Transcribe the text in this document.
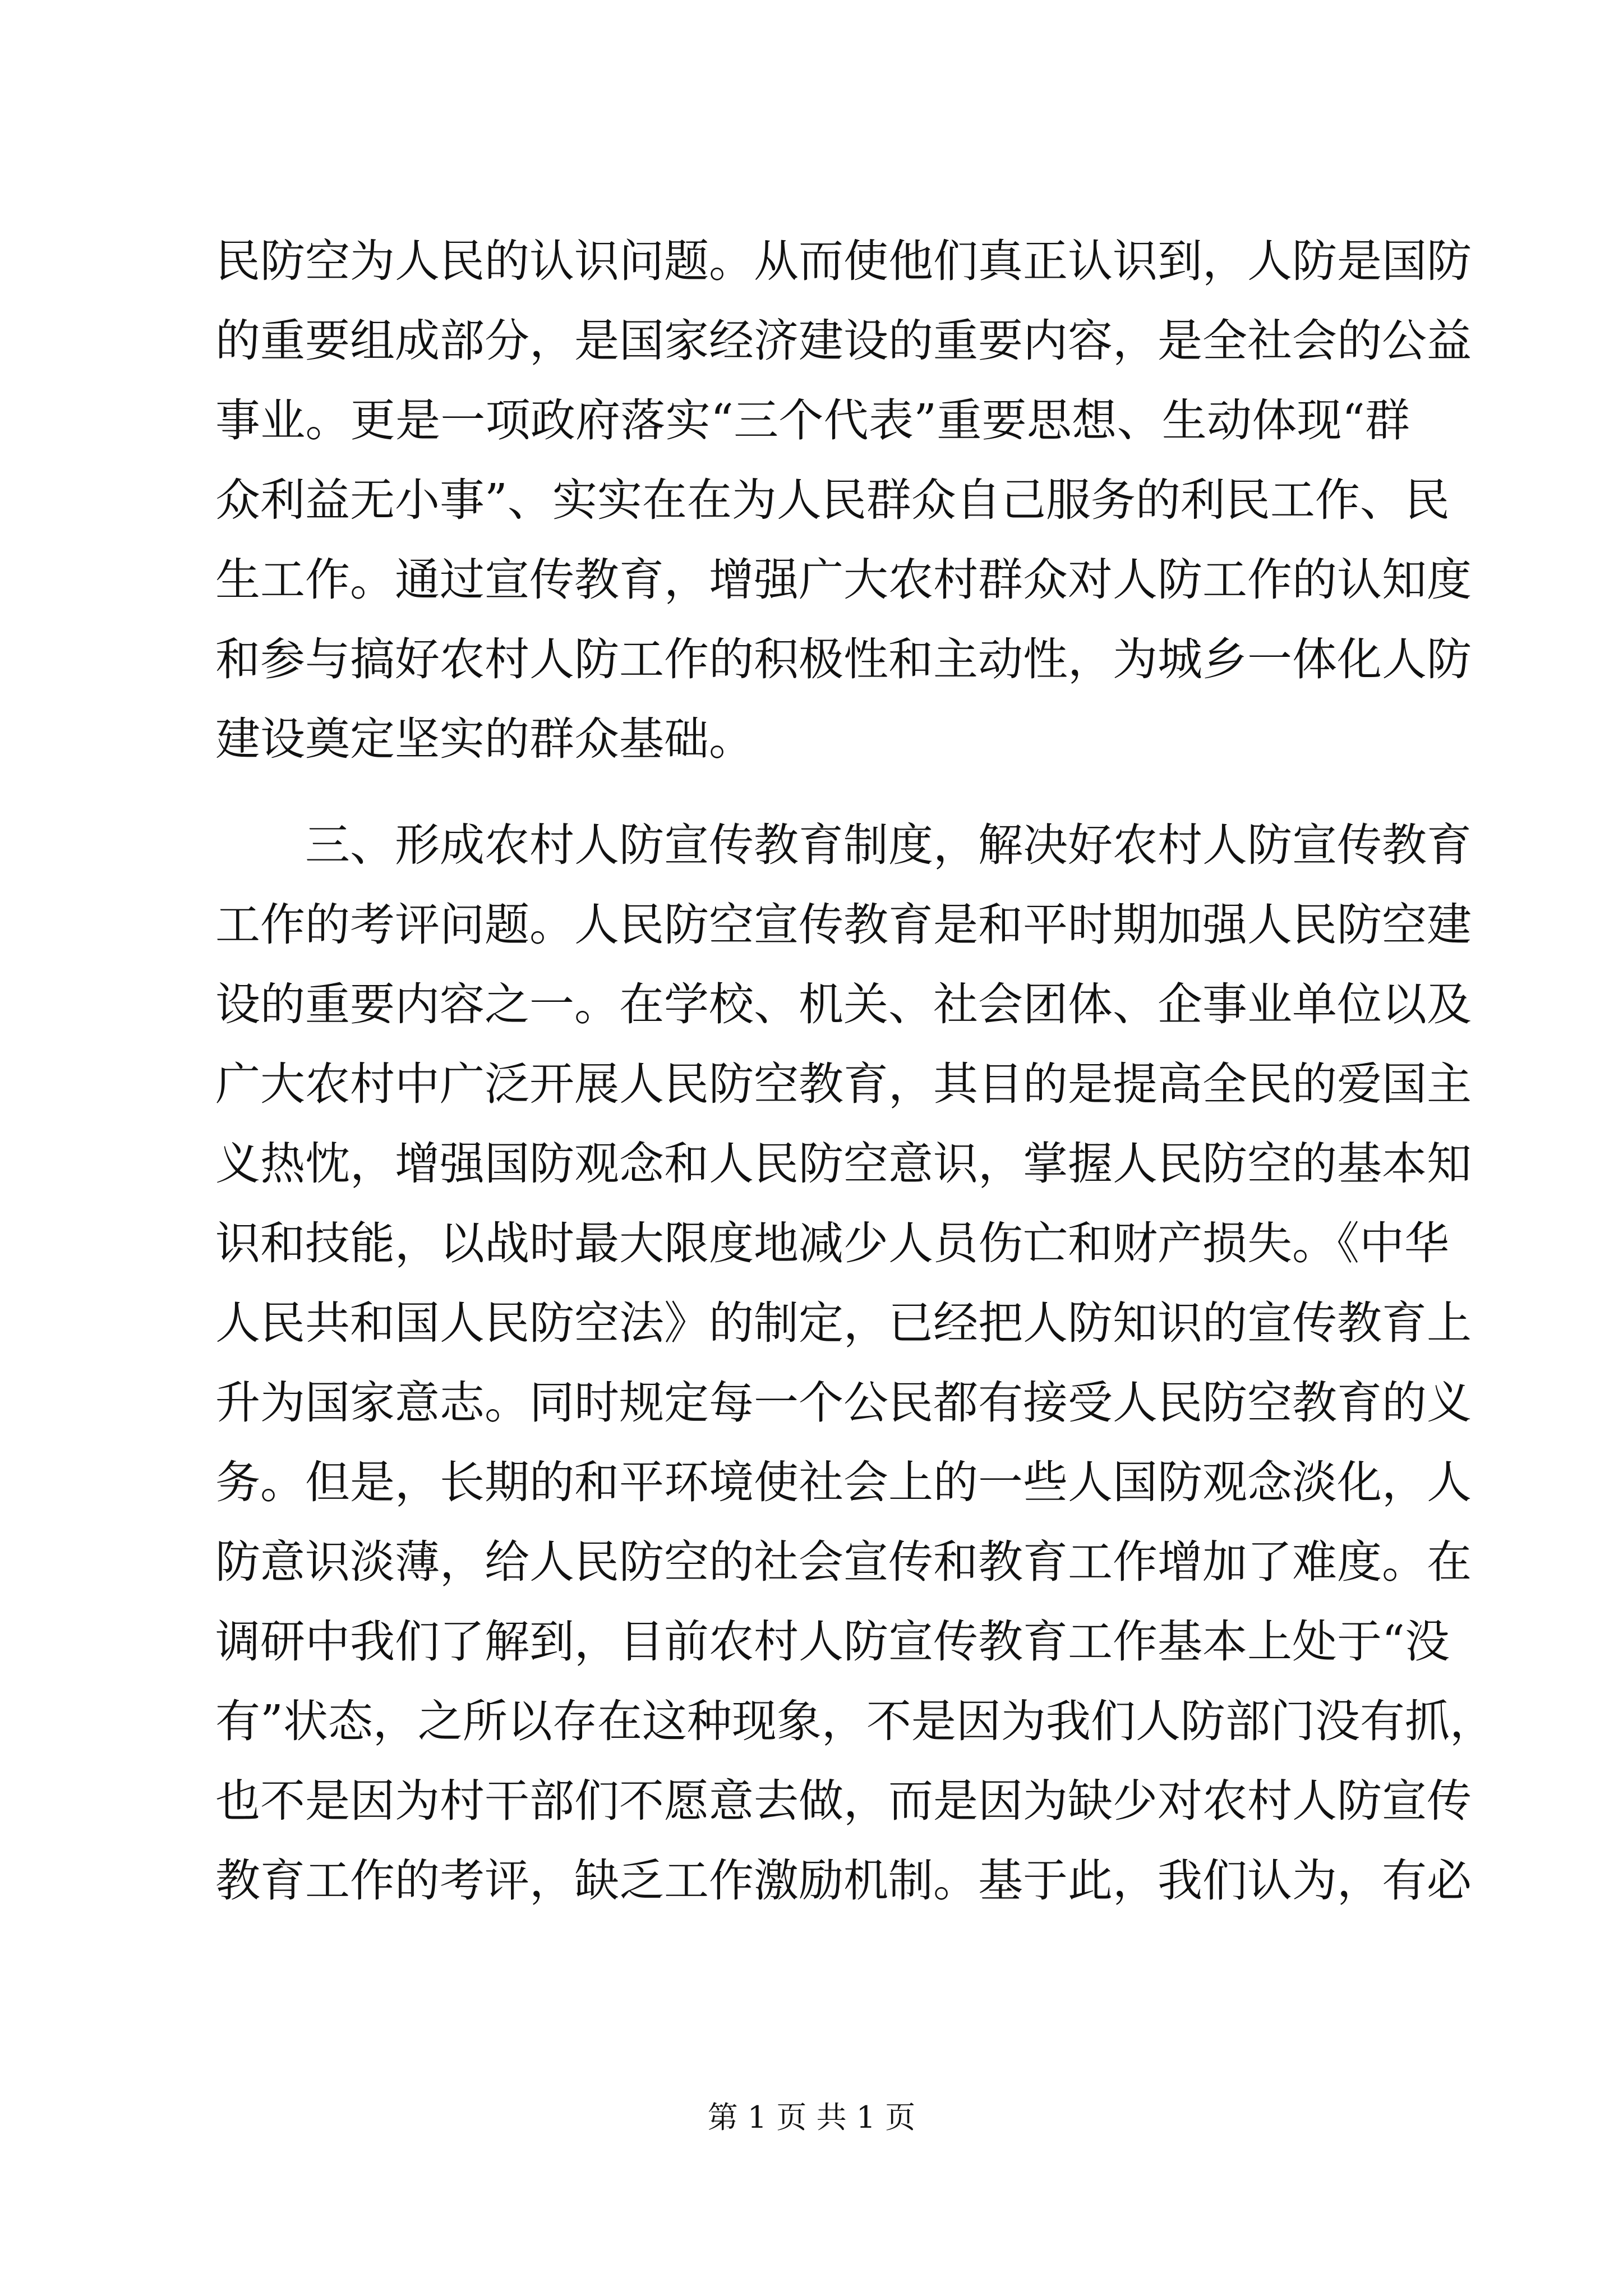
民防空为人民的认识问题。从而使他们真正认识到，人防是国防
的重要组成部分，是国家经济建设的重要内容，是全社会的公益
事业。更是一项政府落实“三个代表”重要思想、生动体现“群
众利益无小事”、实实在在为人民群众自己服务的利民工作、民
生工作。通过宣传教育，增强广大农村群众对人防工作的认知度
和参与搞好农村人防工作的积极性和主动性，为城乡一体化人防
建设奠定坚实的群众基础。
　　三、形成农村人防宣传教育制度，解决好农村人防宣传教育
工作的考评问题。人民防空宣传教育是和平时期加强人民防空建
设的重要内容之一。在学校、机关、社会团体、企事业单位以及
广大农村中广泛开展人民防空教育，其目的是提高全民的爱国主
义热忱，增强国防观念和人民防空意识，掌握人民防空的基本知
识和技能，以战时最大限度地减少人员伤亡和财产损失。《中华
人民共和国人民防空法》的制定，已经把人防知识的宣传教育上
升为国家意志。同时规定每一个公民都有接受人民防空教育的义
务。但是，长期的和平环境使社会上的一些人国防观念淡化，人
防意识淡薄，给人民防空的社会宣传和教育工作增加了难度。在
调研中我们了解到，目前农村人防宣传教育工作基本上处于“没
有”状态，之所以存在这种现象，不是因为我们人防部门没有抓，
也不是因为村干部们不愿意去做，而是因为缺少对农村人防宣传
教育工作的考评，缺乏工作激励机制。基于此，我们认为，有必
第 1 页 共 1 页
